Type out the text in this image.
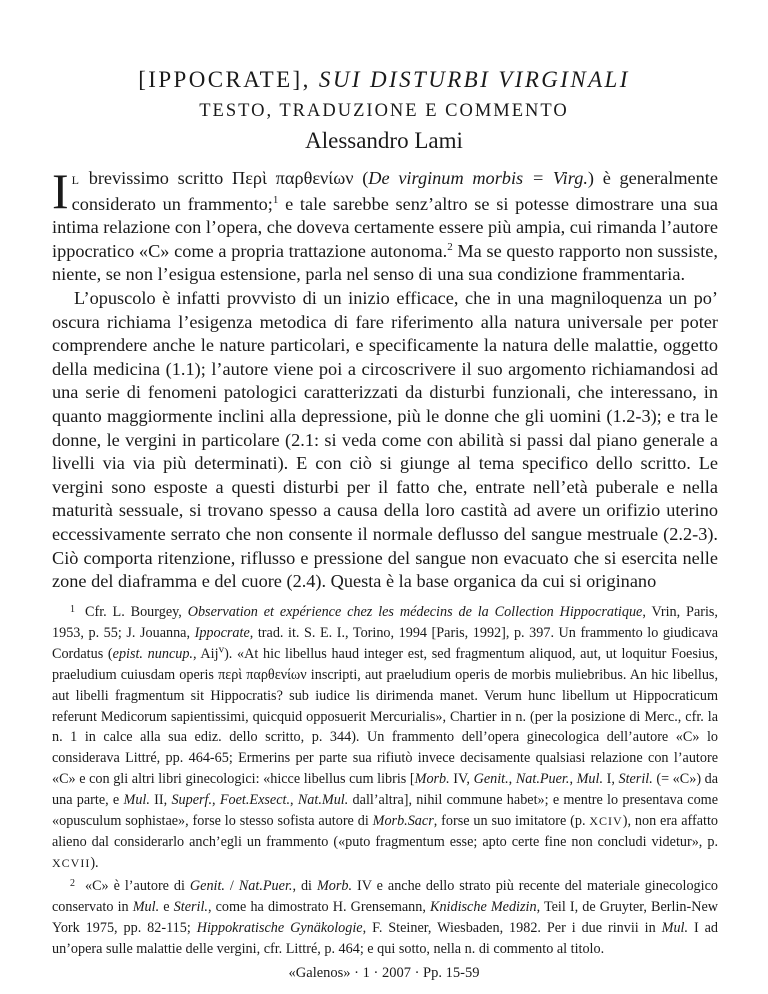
[IPPOCRATE], SUI DISTURBI VIRGINALI
TESTO, TRADUZIONE E COMMENTO
Alessandro Lami

I L brevissimo scritto Περὶ παρθενίων (De virginum morbis = Virg.) è generalmente considerato un frammento;$^1$ e tale sarebbe senz’altro se si potesse dimostrare una sua intima relazione con l’opera, che doveva certamente essere più ampia, cui rimanda l’autore ippocratico «C» come a propria trattazione autonoma.$^2$ Ma se questo rapporto non sussiste, niente, se non l’esigua estensione, parla nel senso di una sua condizione frammentaria.

L’opuscolo è infatti provvisto di un inizio efficace, che in una magniloquenza un po’ oscura richiama l’esigenza metodica di fare riferimento alla natura universale per poter comprendere anche le nature particolari, e specificamente la natura delle malattie, oggetto della medicina (1.1); l’autore viene poi a circoscrivere il suo argomento richiamandosi ad una serie di fenomeni patologici caratterizzati da disturbi funzionali, che interessano, in quanto maggiormente inclini alla depressione, più le donne che gli uomini (1.2-3); e tra le donne, le vergini in particolare (2.1: si veda come con abilità si passi dal piano generale a livelli via via più determinati). E con ciò si giunge al tema specifico dello scritto. Le vergini sono esposte a questi disturbi per il fatto che, entrate nell’età puberale e nella maturità sessuale, si trovano spesso a causa della loro castità ad avere un orifizio uterino eccessivamente serrato che non consente il normale deflusso del sangue mestruale (2.2-3). Ciò comporta ritenzione, riflusso e pressione del sangue non evacuato che si esercita nelle zone del diaframma e del cuore (2.4). Questa è la base organica da cui si originano

$^1$ Cfr. L. Bourgey, Observation et expérience chez les médecins de la Collection Hippocratique, Vrin, Paris, 1953, p. 55; J. Jouanna, Ippocrate, trad. it. S. E. I., Torino, 1994 [Paris, 1992], p. 397. Un frammento lo giudicava Cordatus (epist. nuncup., Aij$^v$). «At hic libellus haud integer est, sed fragmentum aliquod, aut, ut loquitur Foesius, praeludium cuiusdam operis περὶ παρθενίων inscripti, aut praeludium operis de morbis muliebribus. An hic libellus, aut libelli fragmentum sit Hippocratis? sub iudice lis dirimenda manet. Verum hunc libellum ut Hippocraticum referunt Medicorum sapientissimi, quicquid opposuerit Mercurialis», Chartier in n. (per la posizione di Merc., cfr. la n. 1 in calce alla sua ediz. dello scritto, p. 344). Un frammento dell’opera ginecologica dell’autore «C» lo considerava Littré, pp. 464-65; Ermerins per parte sua rifiutò invece decisamente qualsiasi relazione con l’autore «C» e con gli altri libri ginecologici: «hicce libellus cum libris [Morb. IV, Genit., Nat.Puer., Mul. I, Steril. (= «C») da una parte, e Mul. II, Superf., Foet.Exsect., Nat.Mul. dall’altra], nihil commune habet»; e mentre lo presentava come «opusculum sophistae», forse lo stesso sofista autore di Morb.Sacr, forse un suo imitatore (p. XCIV), non era affatto alieno dal considerarlo anch’egli un frammento («puto fragmentum esse; apto certe fine non concludi videtur», p. XCVII).

$^2$ «C» è l’autore di Genit. / Nat.Puer., di Morb. IV e anche dello strato più recente del materiale ginecologico conservato in Mul. e Steril., come ha dimostrato H. Grensemann, Knidische Medizin, Teil I, de Gruyter, Berlin-New York 1975, pp. 82-115; Hippokratische Gynäkologie, F. Steiner, Wiesbaden, 1982. Per i due rinvii in Mul. I ad un’opera sulle malattie delle vergini, cfr. Littré, p. 464; e qui sotto, nella n. di commento al titolo.

«Galenos» · 1 · 2007 · Pp. 15-59
